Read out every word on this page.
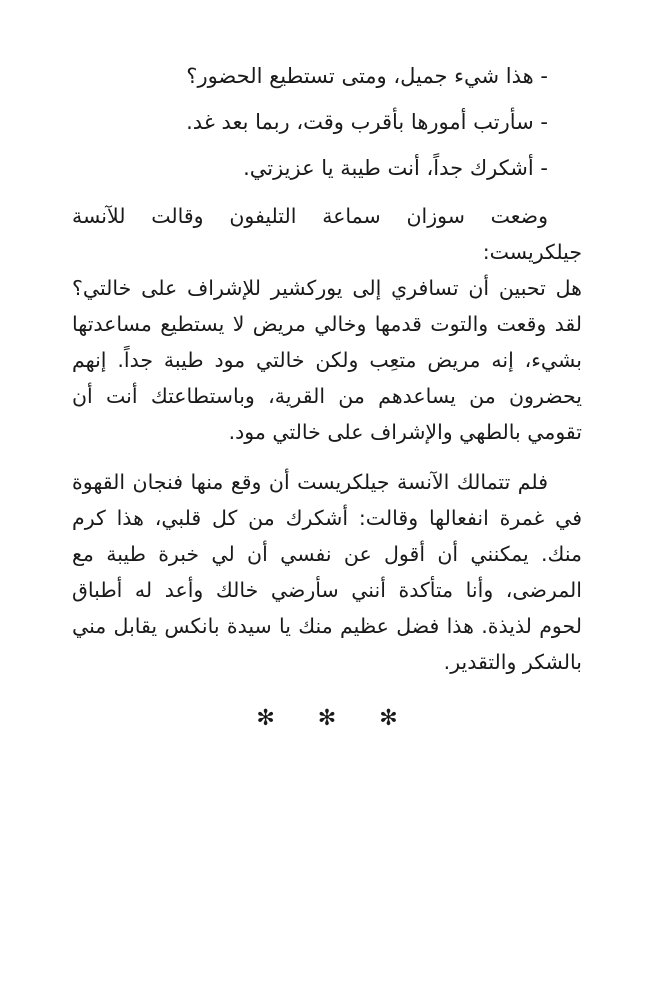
- هذا شيء جميل، ومتى تستطيع الحضور؟

- سأرتب أمورها بأقرب وقت، ربما بعد غد.

- أشكرك جداً، أنت طيبة يا عزيزتي.

وضعت سوزان سماعة التليفون وقالت للآنسة جيلكريست:
هل تحبين أن تسافري إلى يوركشير للإشراف على خالتي؟ لقد وقعت والتوت قدمها وخالي مريض لا يستطيع مساعدتها بشيء، إنه مريض متعِب ولكن خالتي مود طيبة جداً. إنهم يحضرون من يساعدهم من القرية، وباستطاعتك أنت أن تقومي بالطهي والإشراف على خالتي مود.

فلم تتمالك الآنسة جيلكريست أن وقع منها فنجان القهوة في غمرة انفعالها وقالت: أشكرك من كل قلبي، هذا كرم منك. يمكنني أن أقول عن نفسي أن لي خبرة طيبة مع المرضى، وأنا متأكدة أنني سأرضي خالك وأعد له أطباق لحوم لذيذة. هذا فضل عظيم منك يا سيدة بانكس يقابل مني بالشكر والتقدير.

✻ ✻ ✻
